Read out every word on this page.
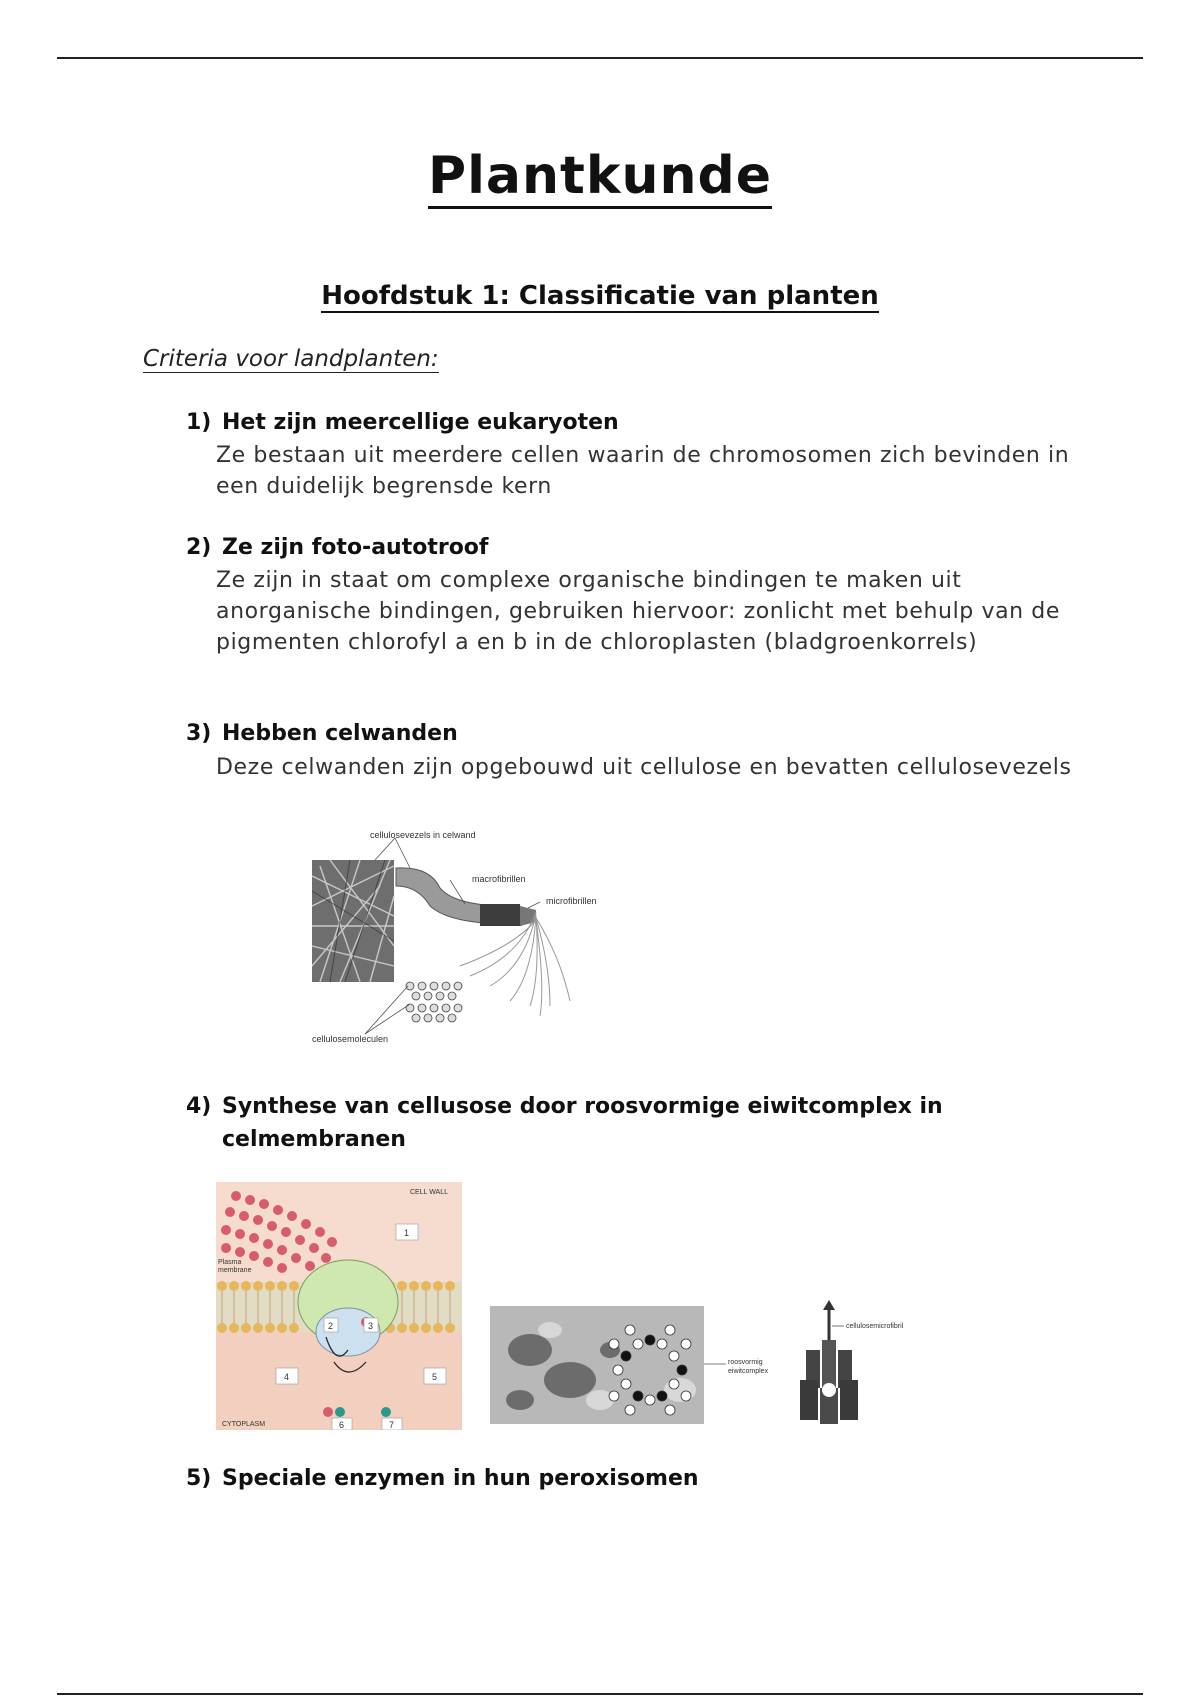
Plantkunde
Hoofdstuk 1: Classificatie van planten
Criteria voor landplanten:
1) Het zijn meercellige eukaryoten
Ze bestaan uit meerdere cellen waarin de chromosomen zich bevinden in een duidelijk begrensde kern
2) Ze zijn foto-autotroof
Ze zijn in staat om complexe organische bindingen te maken uit anorganische bindingen, gebruiken hiervoor: zonlicht met behulp van de pigmenten chlorofyl a en b in de chloroplasten (bladgroenkorrels)
3) Hebben celwanden
Deze celwanden zijn opgebouwd uit cellulose en bevatten cellulosevezels
cellulosevezels in celwand
macrofibrillen
microfibrillen
cellulosemoleculen
4) Synthese van cellusose door roosvormige eiwitcomplex in celmembranen
1
2	3
4	5
6	7
CELL WALL
Plasma
membrane
CYTOPLASM
roosvormig
eiwitcomplex
cellulosemicrofibril
5) Speciale enzymen in hun peroxisomen
